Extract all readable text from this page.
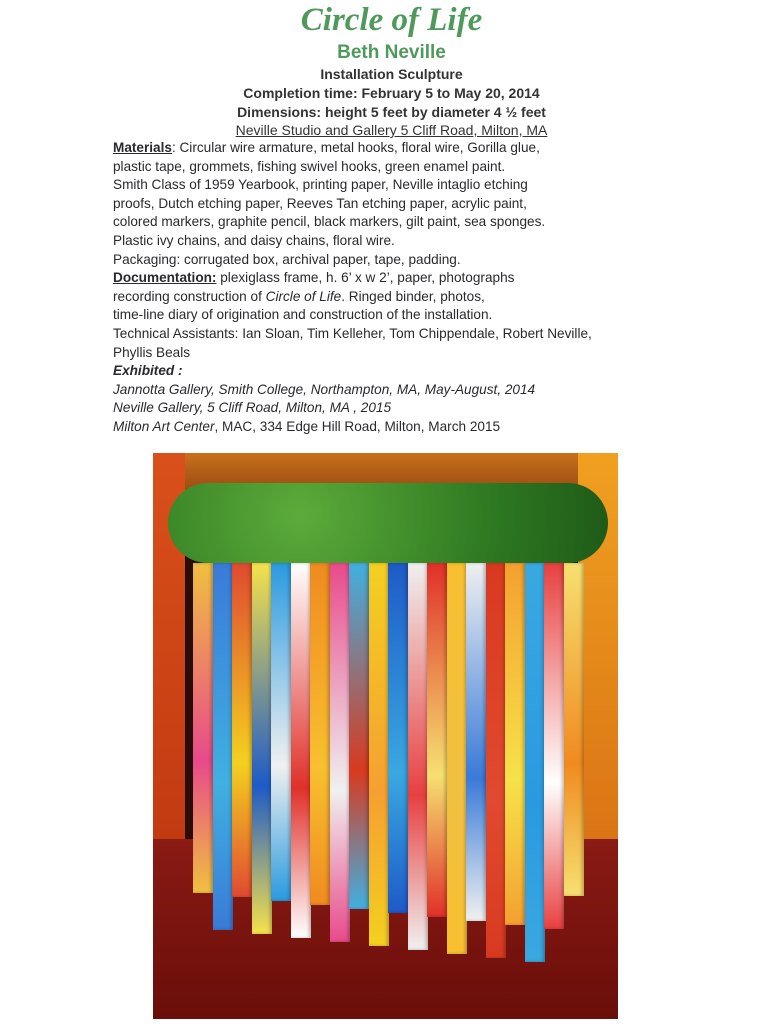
Circle of Life
Beth Neville
Installation Sculpture
Completion time: February 5 to May 20, 2014
Dimensions: height 5 feet by diameter 4 ½ feet
Neville Studio and Gallery 5 Cliff Road, Milton, MA
Materials: Circular wire armature, metal hooks, floral wire, Gorilla glue,
plastic tape, grommets, fishing swivel hooks, green enamel paint.
Smith Class of 1959 Yearbook, printing paper, Neville intaglio etching
proofs, Dutch etching paper, Reeves Tan etching paper, acrylic paint,
colored markers, graphite pencil, black markers, gilt paint, sea sponges.
Plastic ivy chains, and daisy chains, floral wire.
Packaging: corrugated box, archival paper, tape, padding.
Documentation: plexiglass frame, h. 6’ x w 2’, paper, photographs
recording construction of Circle of Life. Ringed binder, photos,
time-line diary of origination and construction of the installation.
Technical Assistants: Ian Sloan, Tim Kelleher, Tom Chippendale, Robert Neville,
Phyllis Beals
Exhibited :
Jannotta Gallery, Smith College, Northampton, MA, May-August, 2014
Neville Gallery, 5 Cliff Road, Milton, MA , 2015
Milton Art Center, MAC, 334 Edge Hill Road, Milton, March 2015
